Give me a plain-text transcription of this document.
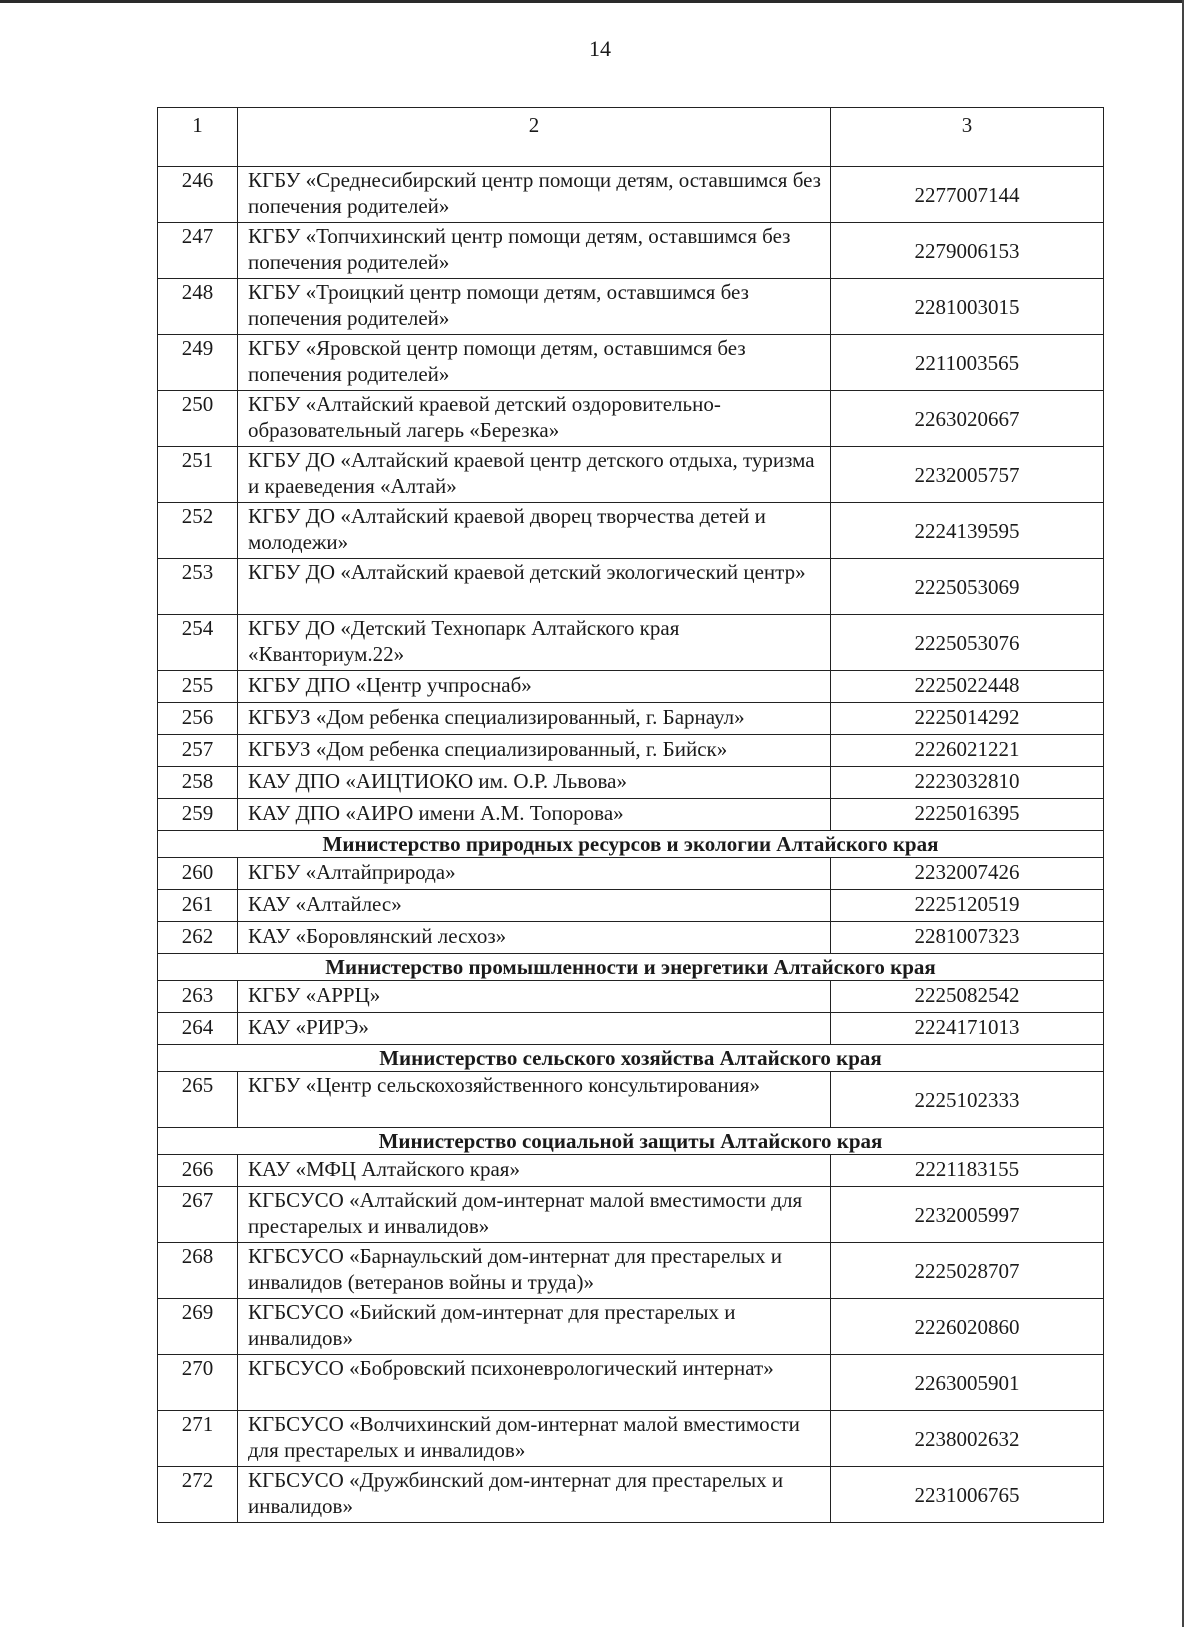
14
1	2	3
246	КГБУ «Среднесибирский центр помощи детям, оставшимся без попечения родителей»	2277007144
247	КГБУ «Топчихинский центр помощи детям, оставшимся без попечения родителей»	2279006153
248	КГБУ «Троицкий центр помощи детям, оставшимся без попечения родителей»	2281003015
249	КГБУ «Яровской центр помощи детям, оставшимся без попечения родителей»	2211003565
250	КГБУ «Алтайский краевой детский оздоровительно-образовательный лагерь «Березка»	2263020667
251	КГБУ ДО «Алтайский краевой центр детского отдыха, туризма и краеведения «Алтай»	2232005757
252	КГБУ ДО «Алтайский краевой дворец творчества детей и молодежи»	2224139595
253	КГБУ ДО «Алтайский краевой детский экологический центр»	2225053069
254	КГБУ ДО «Детский Технопарк Алтайского края «Кванториум.22»	2225053076
255	КГБУ ДПО «Центр учпроснаб»	2225022448
256	КГБУЗ «Дом ребенка специализированный, г. Барнаул»	2225014292
257	КГБУЗ «Дом ребенка специализированный, г. Бийск»	2226021221
258	КАУ ДПО «АИЦТИОКО им. О.Р. Львова»	2223032810
259	КАУ ДПО «АИРО имени А.М. Топорова»	2225016395
Министерство природных ресурсов и экологии Алтайского края		
260	КГБУ «Алтайприрода»	2232007426
261	КАУ «Алтайлес»	2225120519
262	КАУ «Боровлянский лесхоз»	2281007323
Министерство промышленности и энергетики Алтайского края		
263	КГБУ «АРРЦ»	2225082542
264	КАУ «РИРЭ»	2224171013
Министерство сельского хозяйства Алтайского края		
265	КГБУ «Центр сельскохозяйственного консультирования»	2225102333
Министерство социальной защиты Алтайского края		
266	КАУ «МФЦ Алтайского края»	2221183155
267	КГБСУСО «Алтайский дом-интернат малой вместимости для престарелых и инвалидов»	2232005997
268	КГБСУСО «Барнаульский дом-интернат для престарелых и инвалидов (ветеранов войны и труда)»	2225028707
269	КГБСУСО «Бийский дом-интернат для престарелых и инвалидов»	2226020860
270	КГБСУСО «Бобровский психоневрологический интернат»	2263005901
271	КГБСУСО «Волчихинский дом-интернат малой вместимости для престарелых и инвалидов»	2238002632
272	КГБСУСО «Дружбинский дом-интернат для престарелых и инвалидов»	2231006765
